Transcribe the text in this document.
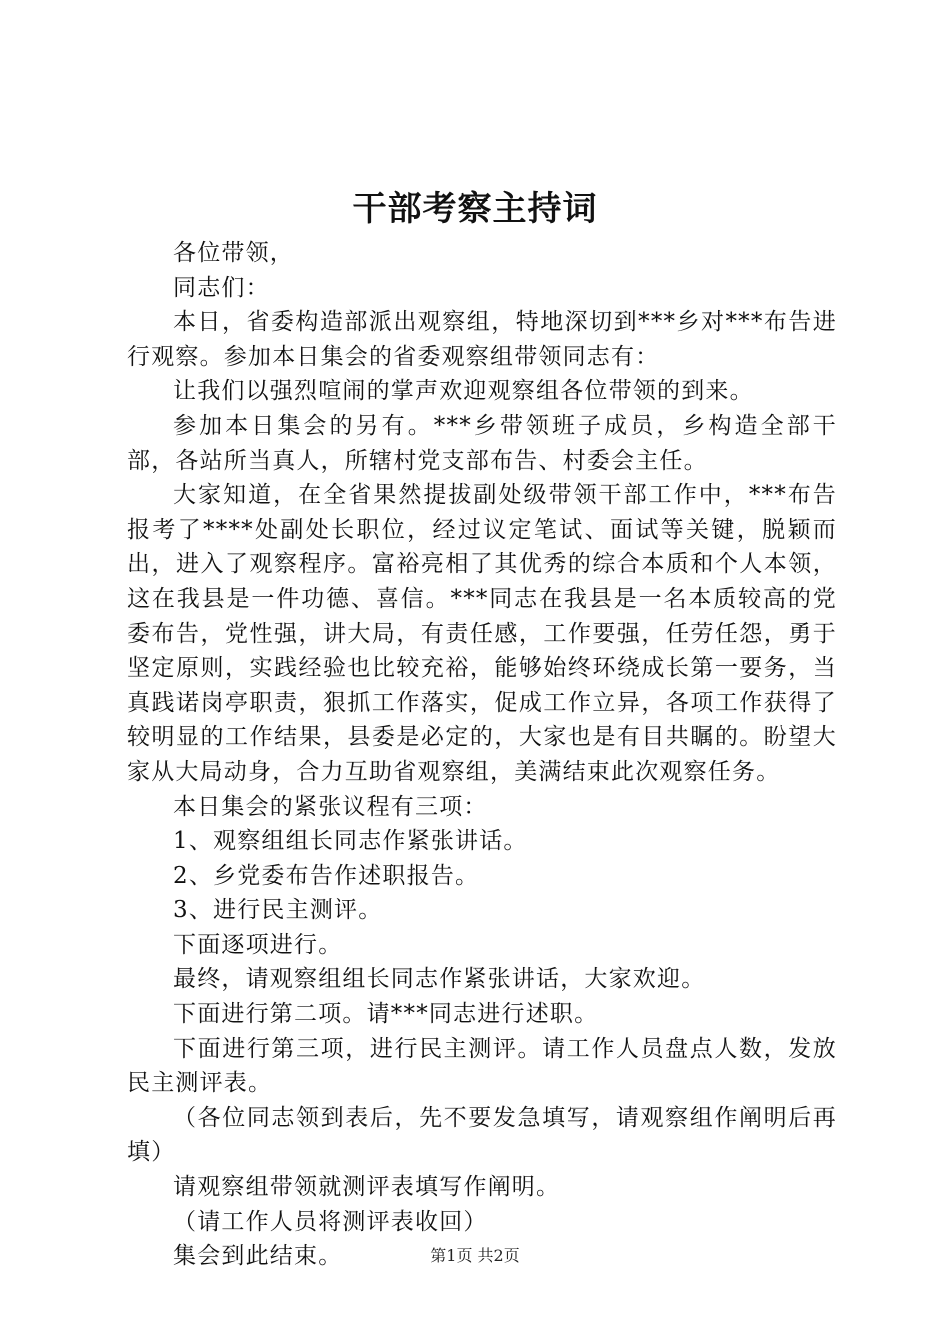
干部考察主持词

各位带领，

同志们：

本日，省委构造部派出观察组，特地深切到***乡对***布告进行观察。参加本日集会的省委观察组带领同志有：

让我们以强烈喧闹的掌声欢迎观察组各位带领的到来。

参加本日集会的另有。***乡带领班子成员，乡构造全部干部，各站所当真人，所辖村党支部布告、村委会主任。

大家知道，在全省果然提拔副处级带领干部工作中，***布告报考了****处副处长职位，经过议定笔试、面试等关键，脱颖而出，进入了观察程序。富裕亮相了其优秀的综合本质和个人本领，这在我县是一件功德、喜信。***同志在我县是一名本质较高的党委布告，党性强，讲大局，有责任感，工作要强，任劳任怨，勇于坚定原则，实践经验也比较充裕，能够始终环绕成长第一要务，当真践诺岗亭职责，狠抓工作落实，促成工作立异，各项工作获得了较明显的工作结果，县委是必定的，大家也是有目共瞩的。盼望大家从大局动身，合力互助省观察组，美满结束此次观察任务。

本日集会的紧张议程有三项：

1、观察组组长同志作紧张讲话。

2、乡党委布告作述职报告。

3、进行民主测评。

下面逐项进行。

最终，请观察组组长同志作紧张讲话，大家欢迎。

下面进行第二项。请***同志进行述职。

下面进行第三项，进行民主测评。请工作人员盘点人数，发放民主测评表。

（各位同志领到表后，先不要发急填写，请观察组作阐明后再填）

请观察组带领就测评表填写作阐明。

（请工作人员将测评表收回）

集会到此结束。	第1页 共2页
